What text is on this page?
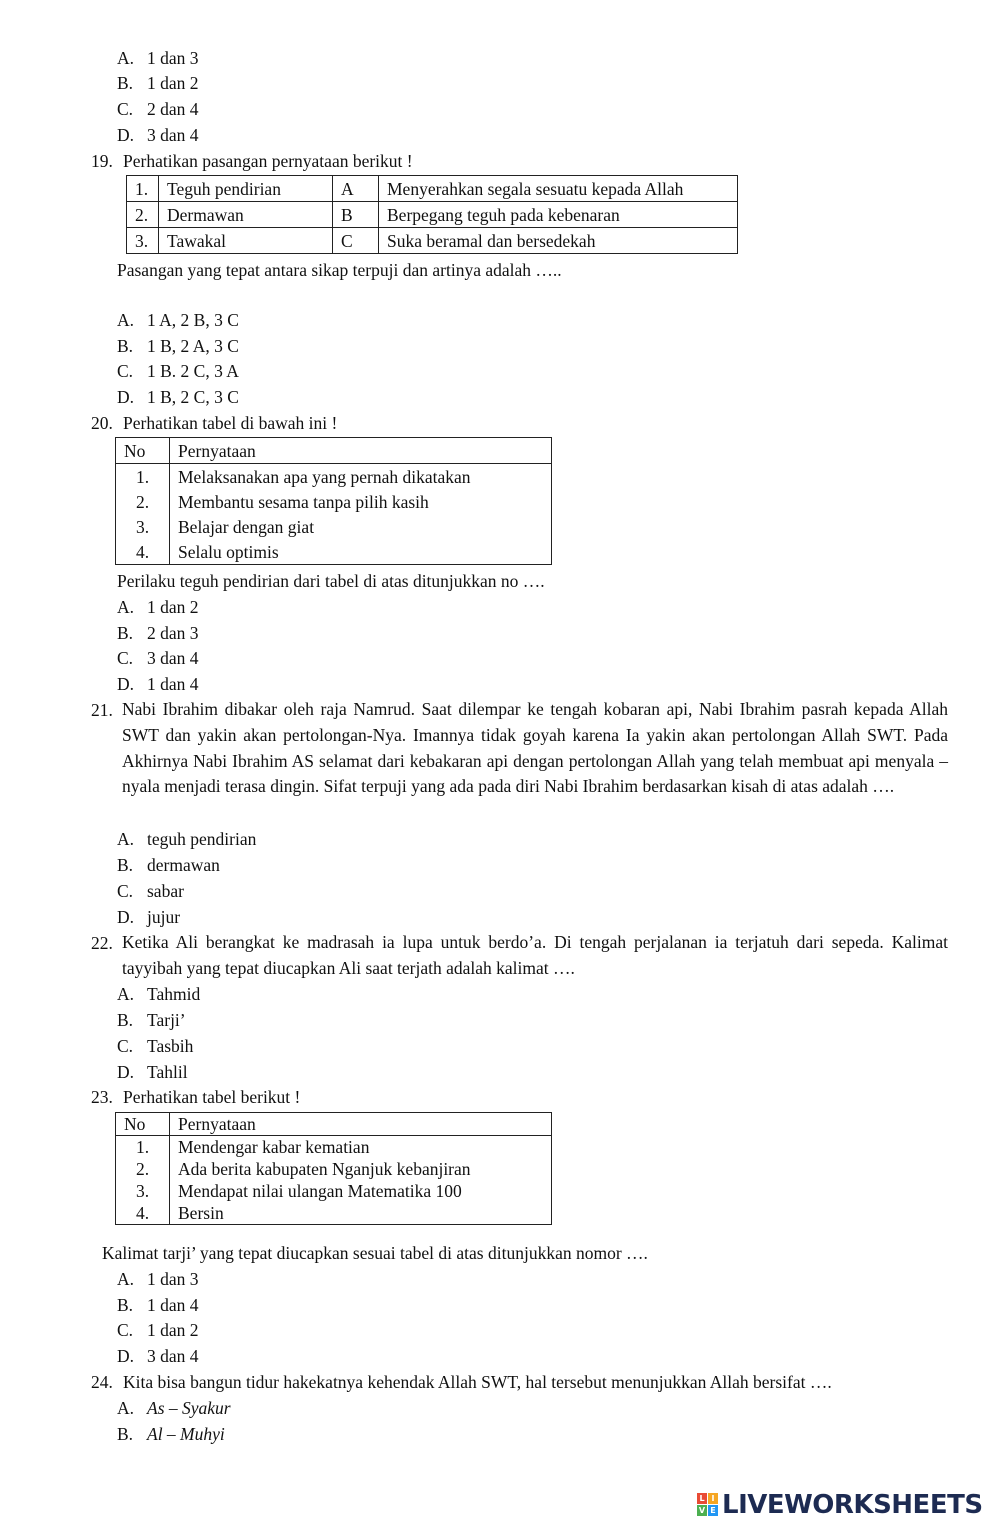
A. 1 dan 3
B. 1 dan 2
C. 2 dan 4
D. 3 dan 4
19. Perhatikan pasangan pernyataan berikut !
1.	Teguh pendirian	A	Menyerahkan segala sesuatu kepada Allah
2.	Dermawan	B	Berpegang teguh pada kebenaran
3.	Tawakal	C	Suka beramal dan bersedekah
Pasangan yang tepat antara sikap terpuji dan artinya adalah …..
A. 1 A, 2 B, 3 C
B. 1 B, 2 A, 3 C
C. 1 B. 2 C, 3 A
D. 1 B, 2 C, 3 C
20. Perhatikan tabel di bawah ini !
No	Pernyataan
1.	Melaksanakan apa yang pernah dikatakan
2.	Membantu sesama tanpa pilih kasih
3.	Belajar dengan giat
4.	Selalu optimis
Perilaku teguh pendirian dari tabel di atas ditunjukkan no ….
A. 1 dan 2
B. 2 dan 3
C. 3 dan 4
D. 1 dan 4
21. Nabi Ibrahim dibakar oleh raja Namrud. Saat dilempar ke tengah kobaran api, Nabi Ibrahim pasrah kepada Allah SWT dan yakin akan pertolongan-Nya. Imannya tidak goyah karena Ia yakin akan pertolongan Allah SWT. Pada Akhirnya Nabi Ibrahim AS selamat dari kebakaran api dengan pertolongan Allah yang telah membuat api menyala – nyala menjadi terasa dingin. Sifat terpuji yang ada pada diri Nabi Ibrahim berdasarkan kisah di atas adalah ….
A. teguh pendirian
B. dermawan
C. sabar
D. jujur
22. Ketika Ali berangkat ke madrasah ia lupa untuk berdo’a. Di tengah perjalanan ia terjatuh dari sepeda. Kalimat tayyibah yang tepat diucapkan Ali saat terjath adalah kalimat ….
A. Tahmid
B. Tarji’
C. Tasbih
D. Tahlil
23. Perhatikan tabel berikut !
No	Pernyataan
1.	Mendengar kabar kematian
2.	Ada berita kabupaten Nganjuk kebanjiran
3.	Mendapat nilai ulangan Matematika 100
4.	Bersin
Kalimat tarji’ yang tepat diucapkan sesuai tabel di atas ditunjukkan nomor ….
A. 1 dan 3
B. 1 dan 4
C. 1 dan 2
D. 3 dan 4
24. Kita bisa bangun tidur hakekatnya kehendak Allah SWT, hal tersebut menunjukkan Allah bersifat ….
A. As – Syakur
B. Al – Muhyi
L I
V E LIVEWORKSHEETS
